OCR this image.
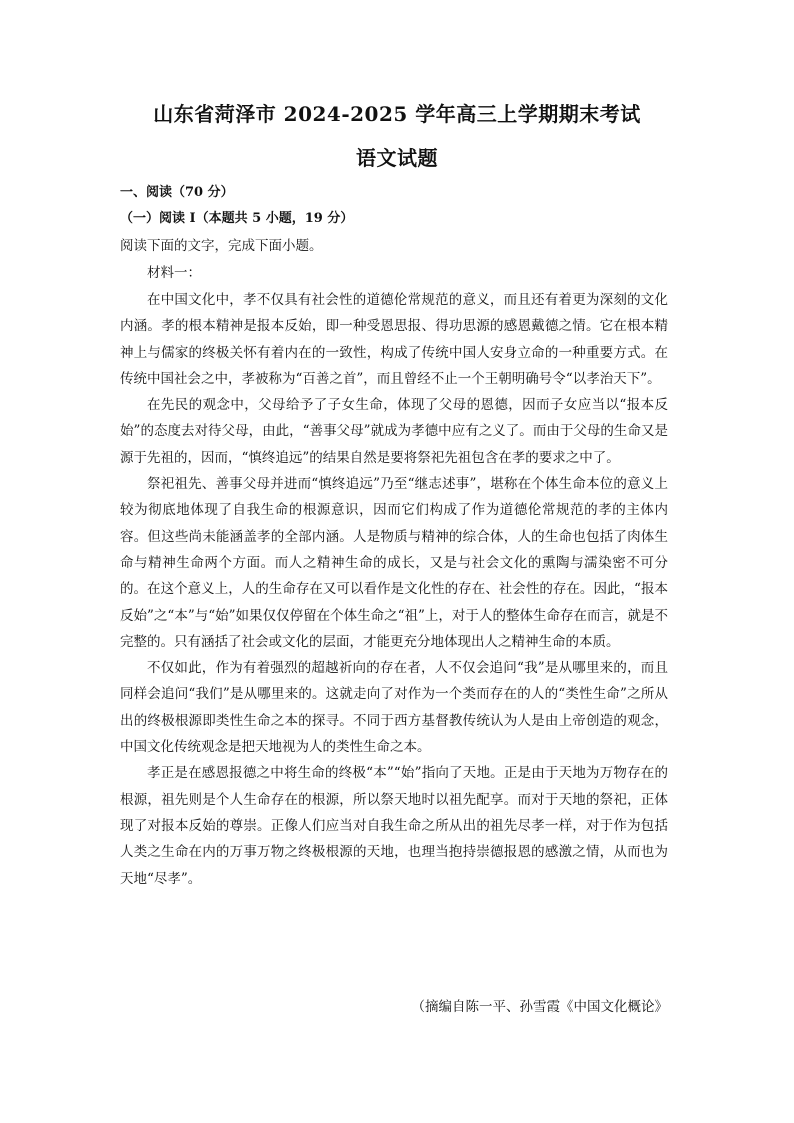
山东省菏泽市 2024-2025 学年高三上学期期末考试
语文试题
一、阅读（70 分）
（一）阅读 I（本题共 5 小题，19 分）
阅读下面的文字，完成下面小题。
材料一：

在中国文化中，孝不仅具有社会性的道德伦常规范的意义，而且还有着更为深刻的文化内涵。孝的根本精神是报本反始，即一种受恩思报、得功思源的感恩戴德之情。它在根本精神上与儒家的终极关怀有着内在的一致性，构成了传统中国人安身立命的一种重要方式。在传统中国社会之中，孝被称为“百善之首”，而且曾经不止一个王朝明确号令“以孝治天下”。

在先民的观念中，父母给予了子女生命，体现了父母的恩德，因而子女应当以“报本反始”的态度去对待父母，由此，“善事父母”就成为孝德中应有之义了。而由于父母的生命又是源于先祖的，因而，“慎终追远”的结果自然是要将祭祀先祖包含在孝的要求之中了。

祭祀祖先、善事父母并进而“慎终追远”乃至“继志述事”，堪称在个体生命本位的意义上较为彻底地体现了自我生命的根源意识，因而它们构成了作为道德伦常规范的孝的主体内容。但这些尚未能涵盖孝的全部内涵。人是物质与精神的综合体，人的生命也包括了肉体生命与精神生命两个方面。而人之精神生命的成长，又是与社会文化的熏陶与濡染密不可分的。在这个意义上，人的生命存在又可以看作是文化性的存在、社会性的存在。因此，“报本反始”之“本”与“始”如果仅仅停留在个体生命之“祖”上，对于人的整体生命存在而言，就是不完整的。只有涵括了社会或文化的层面，才能更充分地体现出人之精神生命的本质。

不仅如此，作为有着强烈的超越祈向的存在者，人不仅会追问“我”是从哪里来的，而且同样会追问“我们”是从哪里来的。这就走向了对作为一个类而存在的人的“类性生命”之所从出的终极根源即类性生命之本的探寻。不同于西方基督教传统认为人是由上帝创造的观念，中国文化传统观念是把天地视为人的类性生命之本。

孝正是在感恩报德之中将生命的终极“本”“始”指向了天地。正是由于天地为万物存在的根源，祖先则是个人生命存在的根源，所以祭天地时以祖先配享。而对于天地的祭祀，正体现了对报本反始的尊崇。正像人们应当对自我生命之所从出的祖先尽孝一样，对于作为包括人类之生命在内的万事万物之终极根源的天地，也理当抱持崇德报恩的感激之情，从而也为天地“尽孝”。

（摘编自陈一平、孙雪霞《中国文化概论》
